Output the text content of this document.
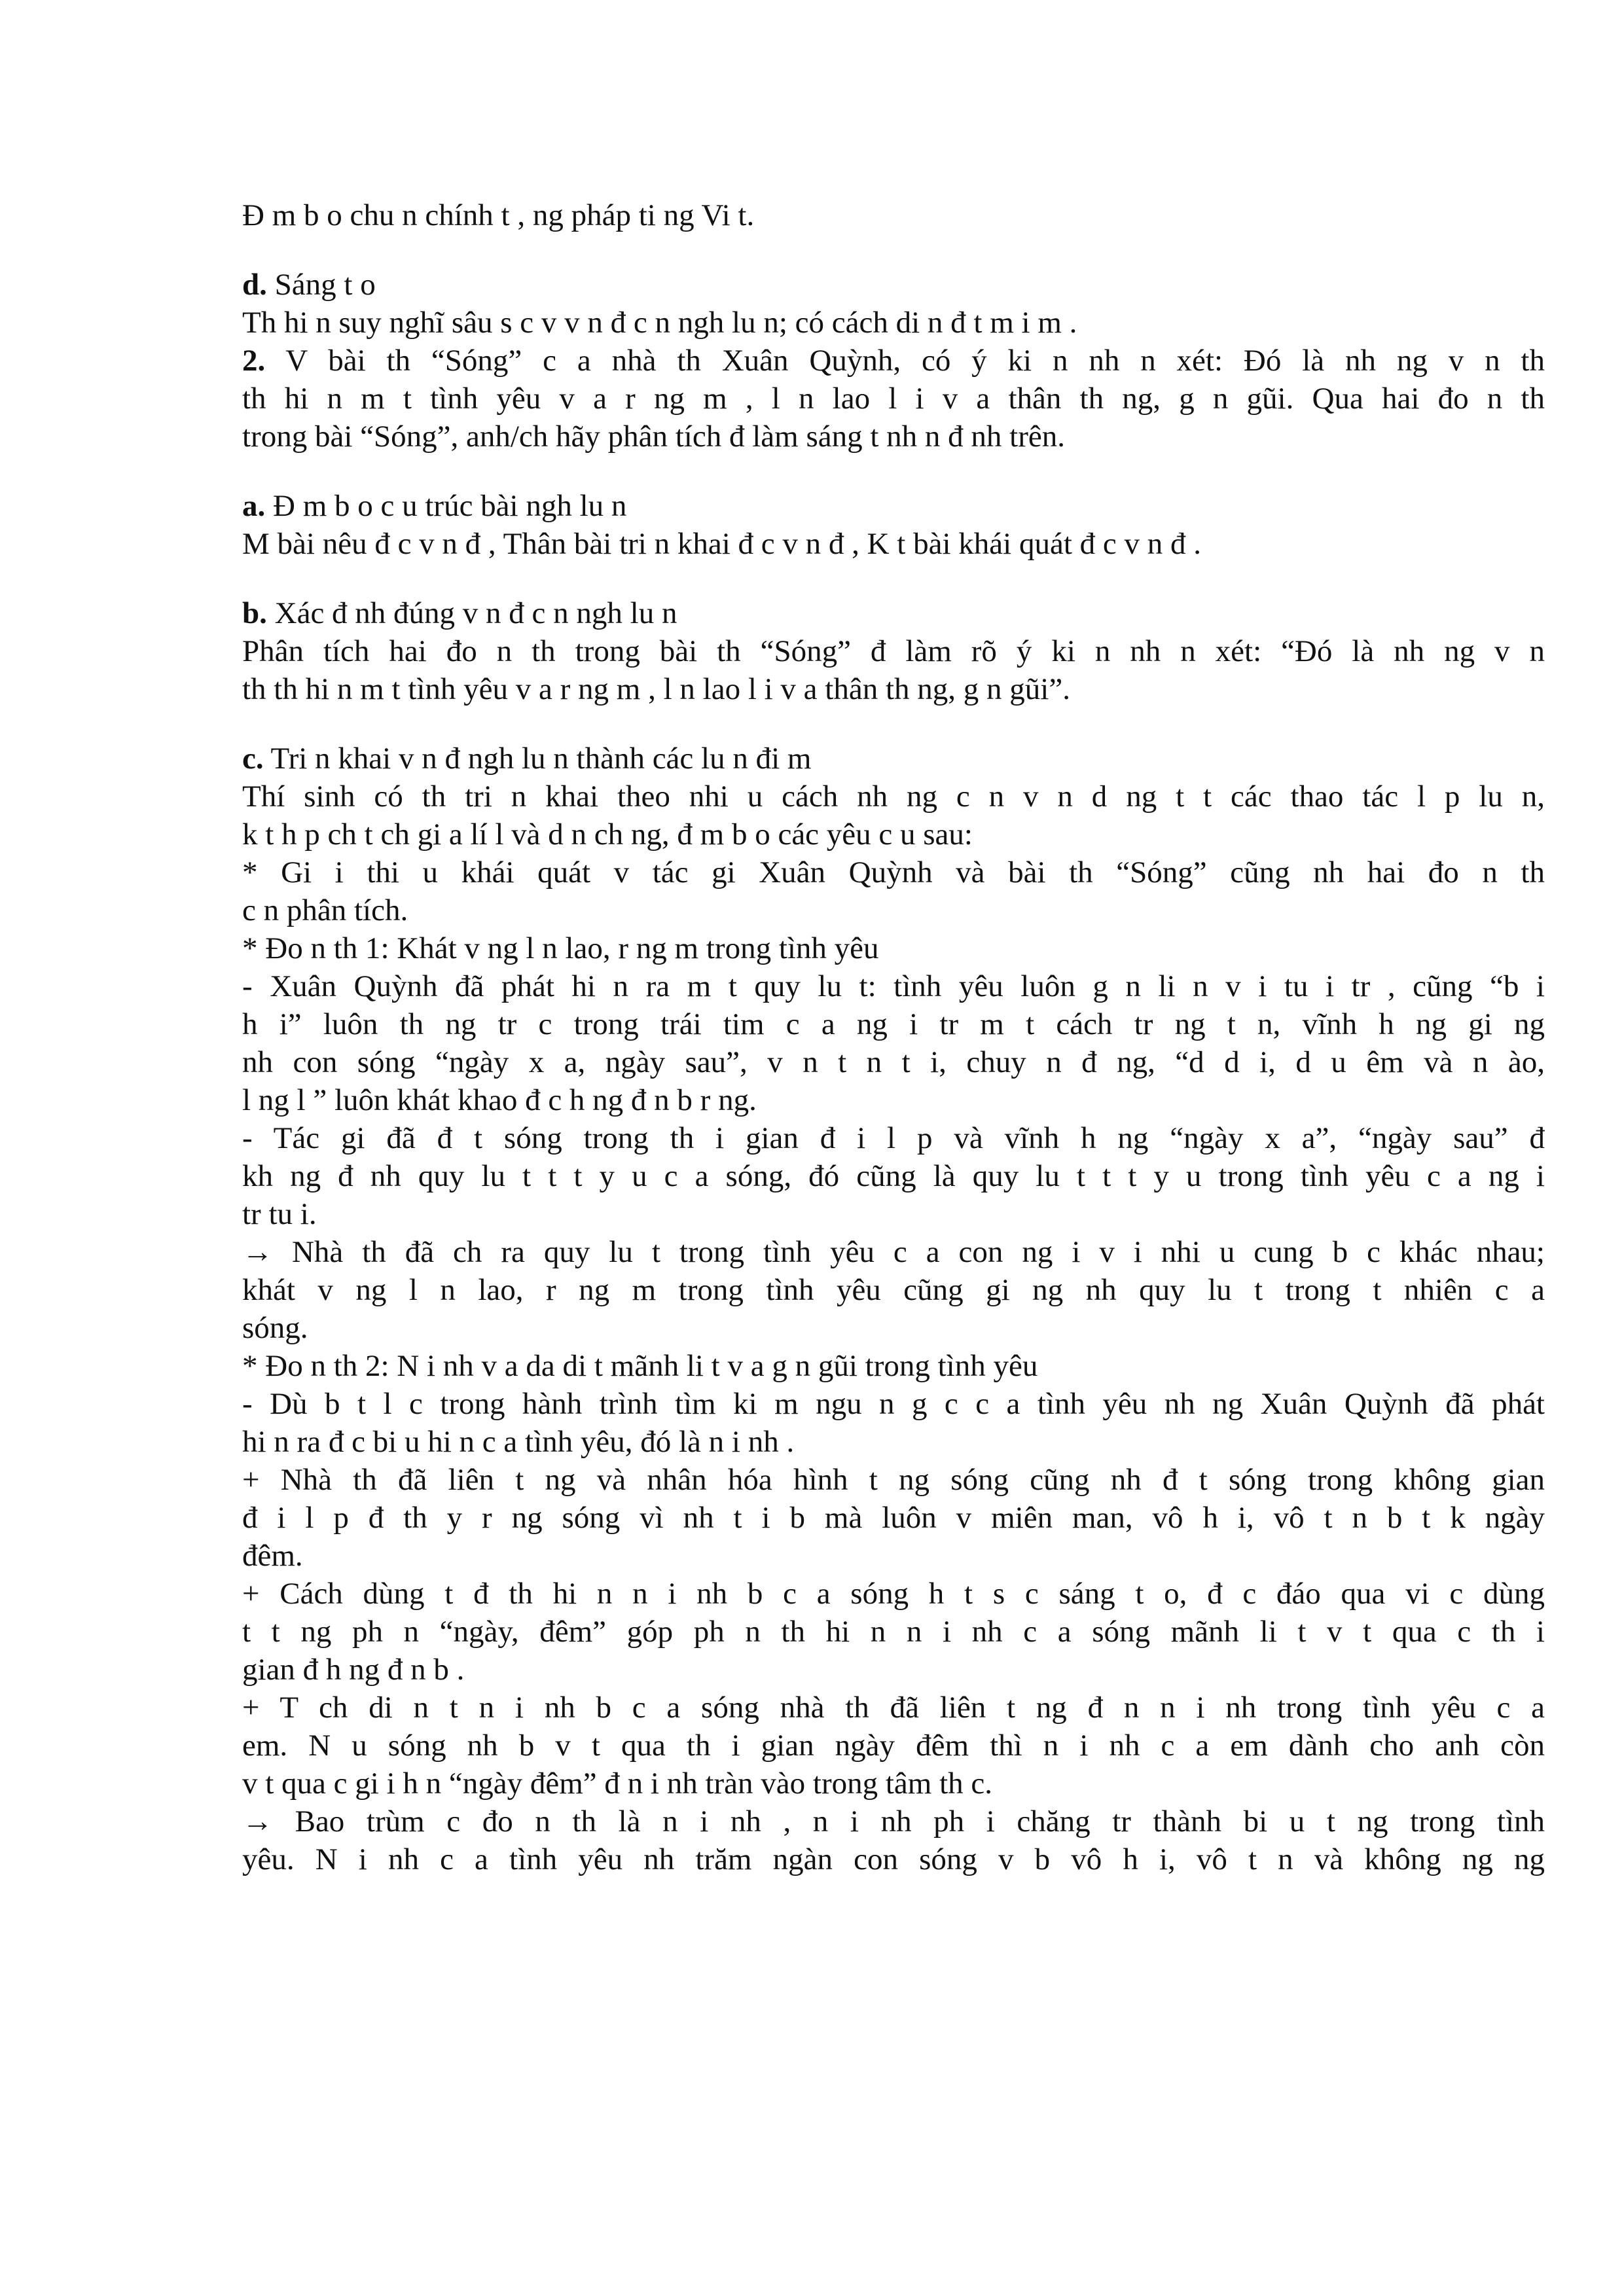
Đ m b o chu n chính t , ng pháp ti ng Vi t.

d. Sáng t o

Th hi n suy nghĩ sâu s c v v n đ c n ngh lu n; có cách di n đ t m i m .

2. V bài th “Sóng” c a nhà th Xuân Quỳnh, có ý ki n nh n xét: Đó là nh ng v n th

th hi n m t tình yêu v a r ng m , l n lao l i v a thân th ng, g n gũi. Qua hai đo n th

trong bài “Sóng”, anh/ch hãy phân tích đ làm sáng t nh n đ nh trên.

a. Đ m b o c u trúc bài ngh lu n

M bài nêu đ c v n đ , Thân bài tri n khai đ c v n đ , K t bài khái quát đ c v n đ .

b. Xác đ nh đúng v n đ c n ngh lu n

Phân tích hai đo n th trong bài th “Sóng” đ làm rõ ý ki n nh n xét: “Đó là nh ng v n

th th hi n m t tình yêu v a r ng m , l n lao l i v a thân th ng, g n gũi”.

c. Tri n khai v n đ ngh lu n thành các lu n đi m

Thí sinh có th tri n khai theo nhi u cách nh ng c n v n d ng t t các thao tác l p lu n,

k t h p ch t ch gi a lí l và d n ch ng, đ m b o các yêu c u sau:

* Gi i thi u khái quát v tác gi Xuân Quỳnh và bài th “Sóng” cũng nh hai đo n th

c n phân tích.

* Đo n th 1: Khát v ng l n lao, r ng m trong tình yêu

- Xuân Quỳnh đã phát hi n ra m t quy lu t: tình yêu luôn g n li n v i tu i tr , cũng “b i

h i” luôn th ng tr c trong trái tim c a ng i tr m t cách tr ng t n, vĩnh h ng gi ng

nh con sóng “ngày x a, ngày sau”, v n t n t i, chuy n đ ng, “d d i, d u êm và n ào,

l ng l ” luôn khát khao đ c h ng đ n b r ng.

- Tác gi đã đ t sóng trong th i gian đ i l p và vĩnh h ng “ngày x a”, “ngày sau” đ

kh ng đ nh quy lu t t t y u c a sóng, đó cũng là quy lu t t t y u trong tình yêu c a ng i

tr tu i.

→ Nhà th đã ch ra quy lu t trong tình yêu c a con ng i v i nhi u cung b c khác nhau;

khát v ng l n lao, r ng m trong tình yêu cũng gi ng nh quy lu t trong t nhiên c a

sóng.

* Đo n th 2: N i nh v a da di t mãnh li t v a g n gũi trong tình yêu

- Dù b t l c trong hành trình tìm ki m ngu n g c c a tình yêu nh ng Xuân Quỳnh đã phát

hi n ra đ c bi u hi n c a tình yêu, đó là n i nh .

+ Nhà th đã liên t ng và nhân hóa hình t ng sóng cũng nh đ t sóng trong không gian

đ i l p đ th y r ng sóng vì nh t i b mà luôn v miên man, vô h i, vô t n b t k ngày

đêm.

+ Cách dùng t đ th hi n n i nh b c a sóng h t s c sáng t o, đ c đáo qua vi c dùng

t t ng ph n “ngày, đêm” góp ph n th hi n n i nh c a sóng mãnh li t v t qua c th i

gian đ h ng đ n b .

+ T ch di n t n i nh b c a sóng nhà th đã liên t ng đ n n i nh trong tình yêu c a

em. N u sóng nh b v t qua th i gian ngày đêm thì n i nh c a em dành cho anh còn

v t qua c gi i h n “ngày đêm” đ n i nh tràn vào trong tâm th c.

→ Bao trùm c đo n th là n i nh , n i nh ph i chăng tr thành bi u t ng trong tình

yêu. N i nh c a tình yêu nh trăm ngàn con sóng v b vô h i, vô t n và không ng ng
